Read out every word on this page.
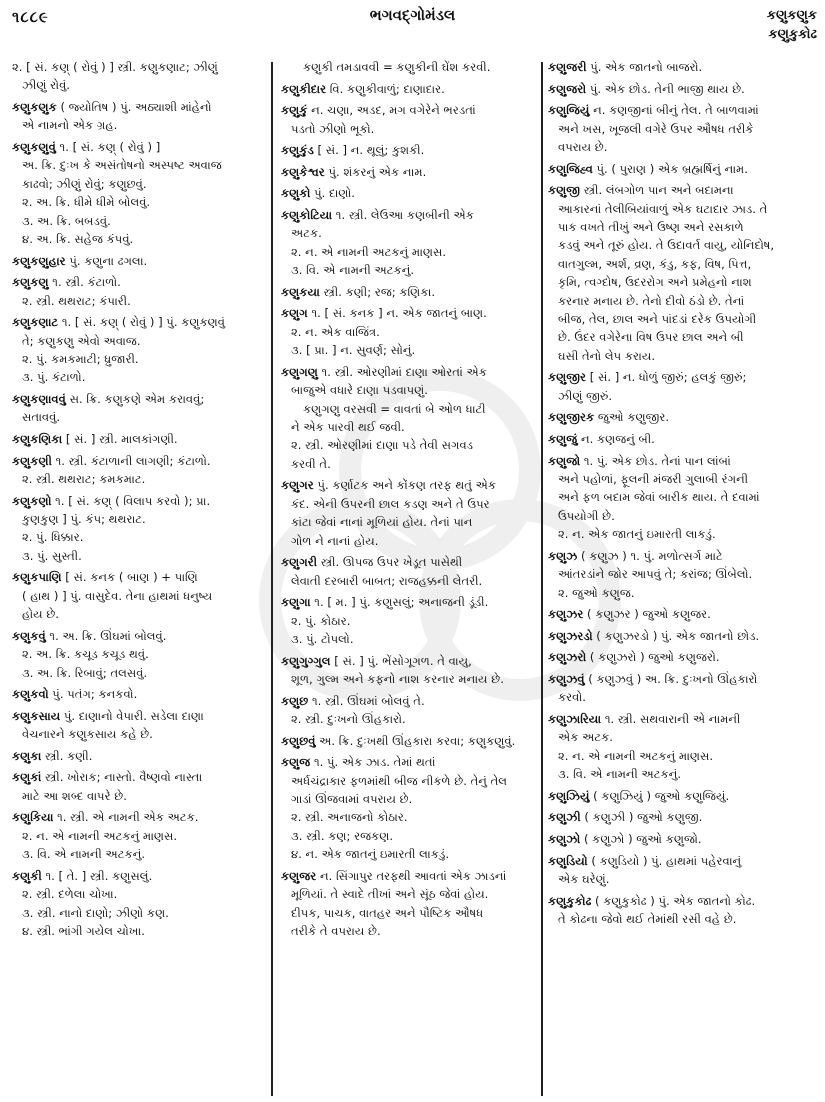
૧૮૮૯	ભગવદ્ગોમંડલ	કણુકણુક
કણુકુકોઢ
૨. [ સં. કણ્ ( રોવું ) ] સ્ત્રી. કણુકણાટ; ઝીણું
ઝીણું રોવું.
કણુકણુક ( જ્યોતિષ ) પું. અઠ્યાશી માંહેનો
એ નામનો એક ગ્રહ.
કણુકણુવું ૧. [ સં. કણ્ ( રોવું ) ]
અ. ક્રિ. દુઃખ કે અસંતોષનો અસ્પષ્ટ અવાજ
કાઢવો; ઝીણું રોવું; કણુછવું.
૨. અ. ક્રિ. ધીમે ધીમે બોલવું.
૩. અ. ક્રિ. બબડવું.
૪. અ. ક્રિ. સહેજ કંપવું.
કણુકણુહાર પું. કણુના ઢગલા.
કણુકણુ ૧. સ્ત્રી. કંટાળો.
૨. સ્ત્રી. થથરાટ; કંપારી.
કણુકણાટ ૧. [ સં. કણ્ ( રોવું ) ] પું. કણુકણવું
તે; કણુકણુ એવો અવાજ.
૨. પું. કમકમાટી; ધ્રુજારી.
૩. પું. કંટાળો.
કણુકણાવવું સ. ક્રિ. કણુકણે એમ કરાવવું;
સતાવવું.
કણુકણિકા [ સં. ] સ્ત્રી. માલકાંગણી.
કણુકણી ૧. સ્ત્રી. કંટાળાની લાગણી; કંટાળો.
૨. સ્ત્રી. થથરાટ; કમકમાટ.
કણુકણો ૧. [ સં. કણ્ ( વિલાપ કરવો ); પ્રા.
કુણકુણ ] પું. કંપ; થથરાટ.
૨. પું. ધિક્કાર.
૩. પું. સુસ્તી.
કણુકપાણિ [ સં. કનક ( બાણ ) + પાણિ
( હાથ ) ] પું. વાસુદેવ. તેના હાથમાં ધનુષ્ય
હોય છે.
કણુકવું ૧. અ. ક્રિ. ઊંઘમાં બોલવું.
૨. અ. ક્રિ. કચૂડ કચૂડ થવું.
૩. અ. ક્રિ. રિબાવું; તલસવું.
કણુકવો પું. પતંગ; કનકવો.
કણુકસાય પું. દાણાનો વેપારી. સડેલા દાણા
વેચનારને કણુકસાય કહે છે.
કણુકા સ્ત્રી. કણી.
કણુકાં સ્ત્રી. ખોરાક; નાસ્તો. વૈષ્ણવો નાસ્તા
માટે આ શબ્દ વાપરે છે.
કણુકિયા ૧. સ્ત્રી. એ નામની એક અટક.
૨. ન. એ નામની અટકનું માણસ.
૩. વિ. એ નામની અટકનું.
કણુકી ૧. [ તે. ] સ્ત્રી. કણુસલું.
૨. સ્ત્રી. દળેલા ચોખા.
૩. સ્ત્રી. નાનો દાણો; ઝીણો કણ.
૪. સ્ત્રી. ભાંગી ગયેલ ચોખા.
કણુકી તમડાવવી = કણુકીની ઘેંશ કરવી.
કણુકીદાર વિ. કણુકીવાળું; દાણાદાર.
કણુકું ન. ચણા, અડદ, મગ વગેરેને ભરડતાં
પડતો ઝીણો ભૂકો.
કણુકુંડ [ સં. ] ન. થૂલું; કુશકી.
કણુકેશ્વર પું. શંકરનું એક નામ.
કણુકો પું. દાણો.
કણુકોટિયા ૧. સ્ત્રી. લેઉઆ કણબીની એક
અટક.
૨. ન. એ નામની અટકનું માણસ.
૩. વિ. એ નામની અટકનું.
કણુકયા સ્ત્રી. કણી; રજ; કણિકા.
કણુગ ૧. [ સં. કનક ] ન. એક જાતનું બાણ.
૨. ન. એક વાજિંત્ર.
૩. [ પ્રા. ] ન. સુવર્ણ; સોનું.
કણુગણુ ૧. સ્ત્રી. ઓરણીમાં દાણા ઓરતાં એક
બાજુએ વધારે દાણા પડવાપણું.
કણુગણુ વરસવી = વાવતાં બે ઓળ ધાટી
ને એક પારવી થઈ જવી.
૨. સ્ત્રી. ઓરણીમાં દાણા પડે તેવી સગવડ
કરવી તે.
કણુગર પું. કર્ણાટક અને કોંકણ તરફ થતું એક
કંદ. એની ઉપરની છાલ કડણ અને તે ઉપર
કાંટા જેવાં નાનાં મૂળિયાં હોય. તેનાં પાન
ગોળ ને નાનાં હોય.
કણુગરી સ્ત્રી. ઊપજ ઉપર ખેડૂત પાસેથી
લેવાતી દરબારી બાબત; રાજહક્કની લેતરી.
કણુગા ૧. [ મ. ] પું. કણુસલું; અનાજની ડૂંડી.
૨. પું. કોઠાર.
૩. પું. ટોપલો.
કણુગુગ્ગુલ [ સં. ] પું. ભેંસોગૂગળ. તે વાયુ,
શૂળ, ગુલ્મ અને કફનો નાશ કરનાર મનાય છે.
કણુછ ૧. સ્ત્રી. ઊંઘમાં બોલવું તે.
૨. સ્ત્રી. દુઃખનો ઊંહકારો.
કણુછવું અ. ક્રિ. દુઃખથી ઊંહકારા કરવા; કણુકણુવું.
કણુજ ૧. પું. એક ઝાડ. તેમાં થતાં
અર્ધચંદ્રાકાર ફળમાંથી બીજ નીકળે છે. તેનું તેલ
ગાડાં ઊંજવામાં વપરાય છે.
૨. સ્ત્રી. અનાજનો કોઠાર.
૩. સ્ત્રી. કણ; રજકણ.
૪. ન. એક જાતનું ઇમારતી લાકડું.
કણુજર ન. સિંગાપુર તરફથી આવતાં એક ઝાડનાં
મૂળિયાં. તે સ્વાદે તીખાં અને સૂંઠ જેવાં હોય.
દીપક, પાચક, વાતહર અને પૌષ્ટિક ઔષધ
તરીકે તે વપરાય છે.
કણુજરી પું. એક જાતનો બાજરો.
કણુજરો પું. એક છોડ. તેની ભાજી થાય છે.
કણુજિયું ન. કણજીનાં બીનું તેલ. તે બાળવામાં
અને ખસ, ખૂજલી વગેરે ઉપર ઔષધ તરીકે
વપરાય છે.
કણુજિહ્વ પું. ( પુરાણ ) એક બ્રહ્મર્ષિનું નામ.
કણુજી સ્ત્રી. લંબગોળ પાન અને બદામના
આકારનાં તેલીબિયાંવાળું એક ઘટાદાર ઝાડ. તે
પાક વખતે તીખું અને ઉષ્ણ અને રસકાળે
કડવું અને તૂરું હોય. તે ઉદાવર્ત વાયુ, યોનિદોષ,
વાતગુલ્મ, અર્શ, વ્રણ, કંડુ, કફ, વિષ, પિત્ત,
કૃમિ, ત્વગ્દોષ, ઉદરરોગ અને પ્રમેહનો નાશ
કરનાર મનાય છે. તેનો દીવો ઠંડો છે. તેનાં
બીજ, તેલ, છાલ અને પાંદડાં દરેક ઉપયોગી
છે. ઉંદર વગેરેના વિષ ઉપર છાલ અને બી
ઘસી તેનો લેપ કરાય.
કણુજીર [ સં. ] ન. ધોળું જીરું; હલકું જીરું;
ઝીણું જીરું.
કણુજીરક જુઓ કણુજીર.
કણુજું ન. કણજનું બી.
કણુજો ૧. પું. એક છોડ. તેનાં પાન લાંબાં
અને પહોળાં, ફૂલની મંજરી ગુલાબી રંગની
અને ફળ બદામ જેવાં બારીક થાય. તે દવામાં
ઉપયોગી છે.
૨. ન. એક જાતનું ઇમારતી લાકડું.
કણુઝ ( કણુઝ ) ૧. પું. મળોત્સર્ગ માટે
આંતરડાંને જોર આપવું તે; કરાંજ; ઊંબેલો.
૨. જુઓ કણુજ.
કણુઝર ( કણુઝર ) જુઓ કણુજર.
કણુઝરડો ( કણુઝરડો ) પું. એક જાતનો છોડ.
કણુઝરો ( કણુઝરો ) જુઓ કણુજરો.
કણુઝવું ( કણુઝવું ) અ. ક્રિ. દુઃખનો ઊંહકારો
કરવો.
કણુઝારિયા ૧. સ્ત્રી. સથવારાની એ નામની
એક અટક.
૨. ન. એ નામની અટકનું માણસ.
૩. વિ. એ નામની અટકનું.
કણુઝિયું ( કણુઝિયું ) જુઓ કણુજિયું.
કણુઝી ( કણુઝી ) જુઓ કણુજી.
કણુઝો ( કણુઝો ) જુઓ કણુજો.
કણુડિયો ( કણુડિયો ) પું. હાથમાં પહેરવાનું
એક ઘરેણું.
કણુકુકોઢ ( કણુકુકોઢ ) પું. એક જાતનો કોઢ.
તે કોઢના જેવો થઈ તેમાંથી રસી વહે છે.
